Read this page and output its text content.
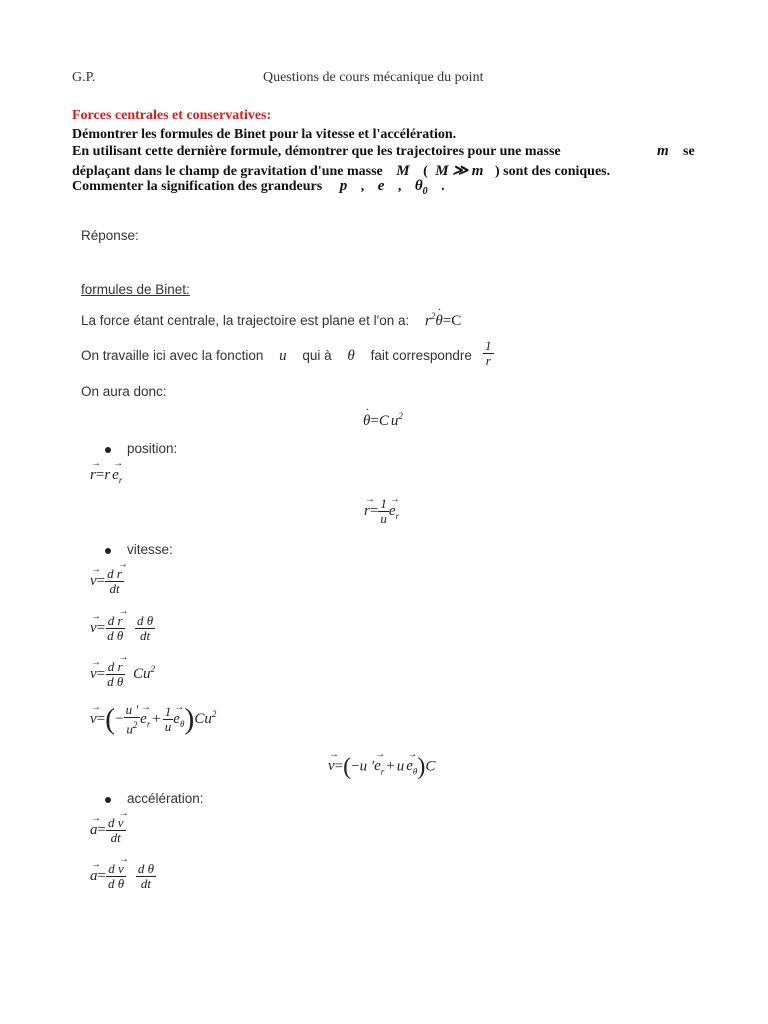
G.P.	Questions de cours mécanique du point
Forces centrales et conservatives:
Démontrer les formules de Binet pour la vitesse et l'accélération.
En utilisant cette dernière formule, démontrer que les trajectoires pour une masse	m se
déplaçant dans le champ de gravitation d'une masse M ( M ≫ m ) sont des coniques.
Commenter la signification des grandeurs p , e , $\theta_0$ .
Réponse:
formules de Binet:
La force étant centrale, la trajectoire est plane et l'on a: $r^2˙$ θ=C
On travaille ici avec la fonction u qui à θ fait correspondre $\frac{1}{r}$
On aura donc:
˙ θ=C $u^2$
position:
→ $r=r\to e_r$
→ $r= \frac{1}{u}$
→ $e_r$
vitesse:
→ $v= \frac{d \to r}{dt}$
→ $v= \frac{d \to r}{\text{d θ}}$
$\frac{\text{d θ}}{dt}$
→ $v= \frac{d \to r}{\text{d θ}} Cu^2$
→ $v=(- \frac{u '}{u^2}$
→ $e_r + \frac{1}{u}$
→ $e_\theta)Cu^2$
→ v=(−u '→ $e_r + u\to e_\theta)C$
accélération:
→ $a= \frac{d \to v}{dt}$
→ $a= \frac{d \to v}{\text{d θ}}$
$\frac{\text{d θ}}{dt}$
